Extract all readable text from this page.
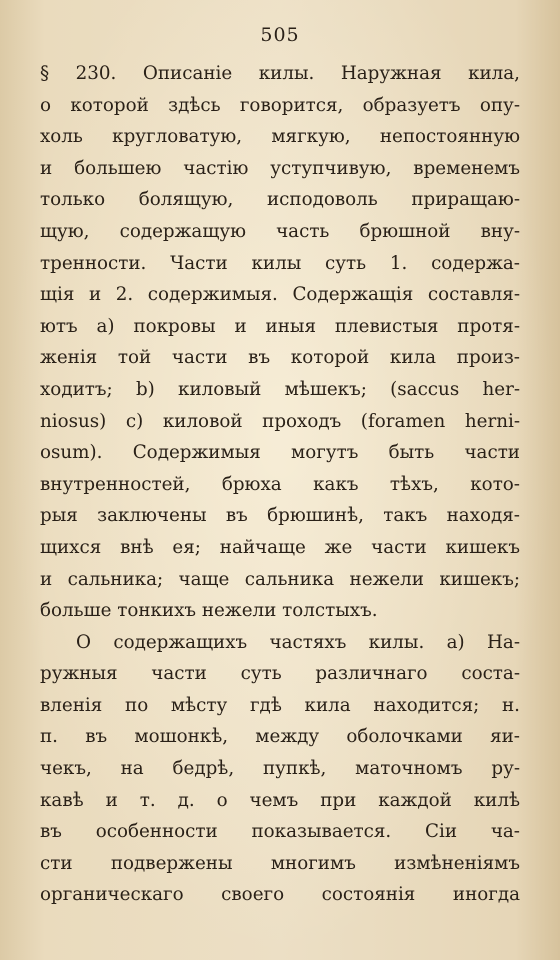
505
§ 230. Описаніе килы. Наружная кила,
о которой здѣсь говорится, образуетъ опу-
холь кругловатую, мягкую, непостоянную
и большею частію уступчивую, временемъ
только болящую, исподоволь приращаю-
щую, содержащую часть брюшной вну-
тренности. Части килы суть 1. содержа-
щія и 2. содержимыя. Содержащія составля-
ютъ а) покровы и иныя плевистыя протя-
женія той части въ которой кила произ-
ходитъ; b) киловый мѣшекъ; (saccus her-
niosus) c) киловой проходъ (foramen herni-
osum). Содержимыя могутъ быть части
внутренностей, брюха какъ тѣхъ, кото-
рыя заключены въ брюшинѣ, такъ находя-
щихся внѣ ея; найчаще же части кишекъ
и сальника; чаще сальника нежели кишекъ;
больше тонкихъ нежели толстыхъ.
О содержащихъ частяхъ килы. а) На-
ружныя части суть различнаго соста-
вленія по мѣсту гдѣ кила находится; н.
п. въ мошонкѣ, между оболочками яи-
чекъ, на бедрѣ, пупкѣ, маточномъ ру-
кавѣ и т. д. о чемъ при каждой килѣ
въ особенности показывается. Сіи ча-
сти подвержены многимъ измѣненіямъ
органическаго своего состоянія иногда
